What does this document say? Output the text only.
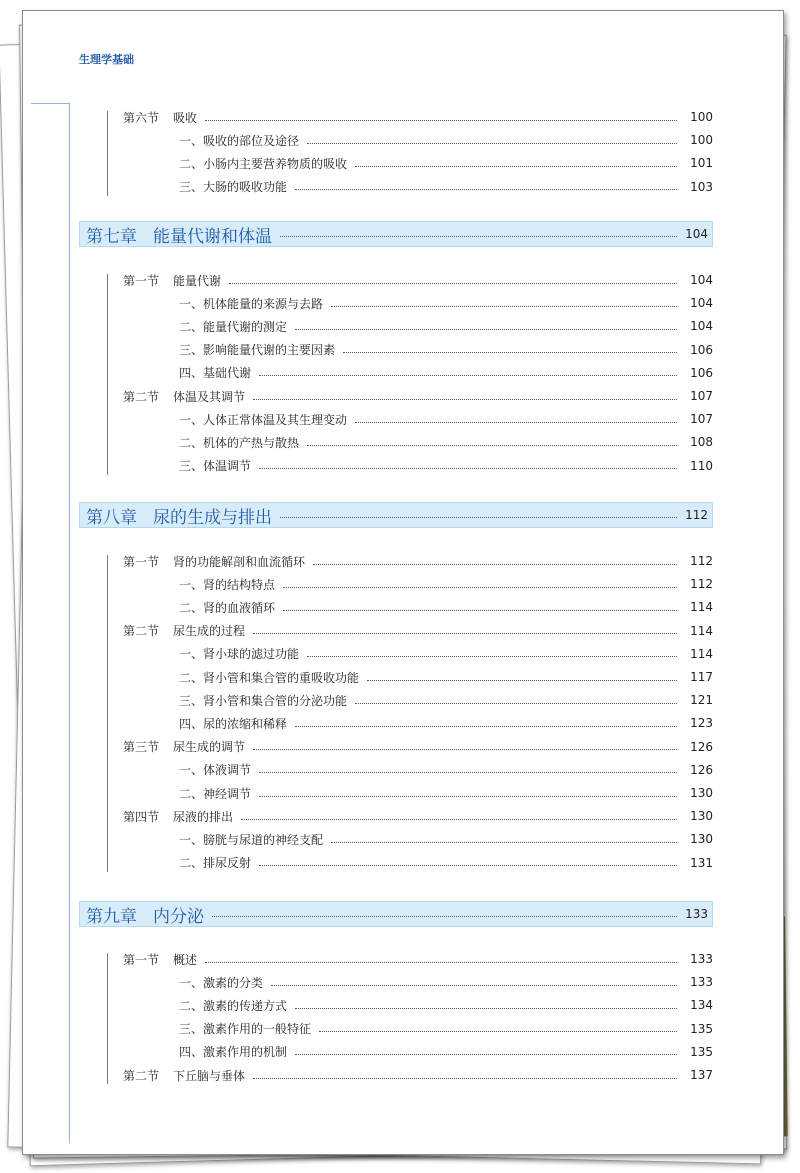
生理学基础
第六节 吸收	100
一、吸收的部位及途径	100
二、小肠内主要营养物质的吸收	101
三、大肠的吸收功能	103
第七章 能量代谢和体温	104
第一节 能量代谢	104
一、机体能量的来源与去路	104
二、能量代谢的测定	104
三、影响能量代谢的主要因素	106
四、基础代谢	106
第二节 体温及其调节	107
一、人体正常体温及其生理变动	107
二、机体的产热与散热	108
三、体温调节	110
第八章 尿的生成与排出	112
第一节 肾的功能解剖和血流循环	112
一、肾的结构特点	112
二、肾的血液循环	114
第二节 尿生成的过程	114
一、肾小球的滤过功能	114
二、肾小管和集合管的重吸收功能	117
三、肾小管和集合管的分泌功能	121
四、尿的浓缩和稀释	123
第三节 尿生成的调节	126
一、体液调节	126
二、神经调节	130
第四节 尿液的排出	130
一、膀胱与尿道的神经支配	130
二、排尿反射	131
第九章 内分泌	133
第一节 概述	133
一、激素的分类	133
二、激素的传递方式	134
三、激素作用的一般特征	135
四、激素作用的机制	135
第二节 下丘脑与垂体	137
